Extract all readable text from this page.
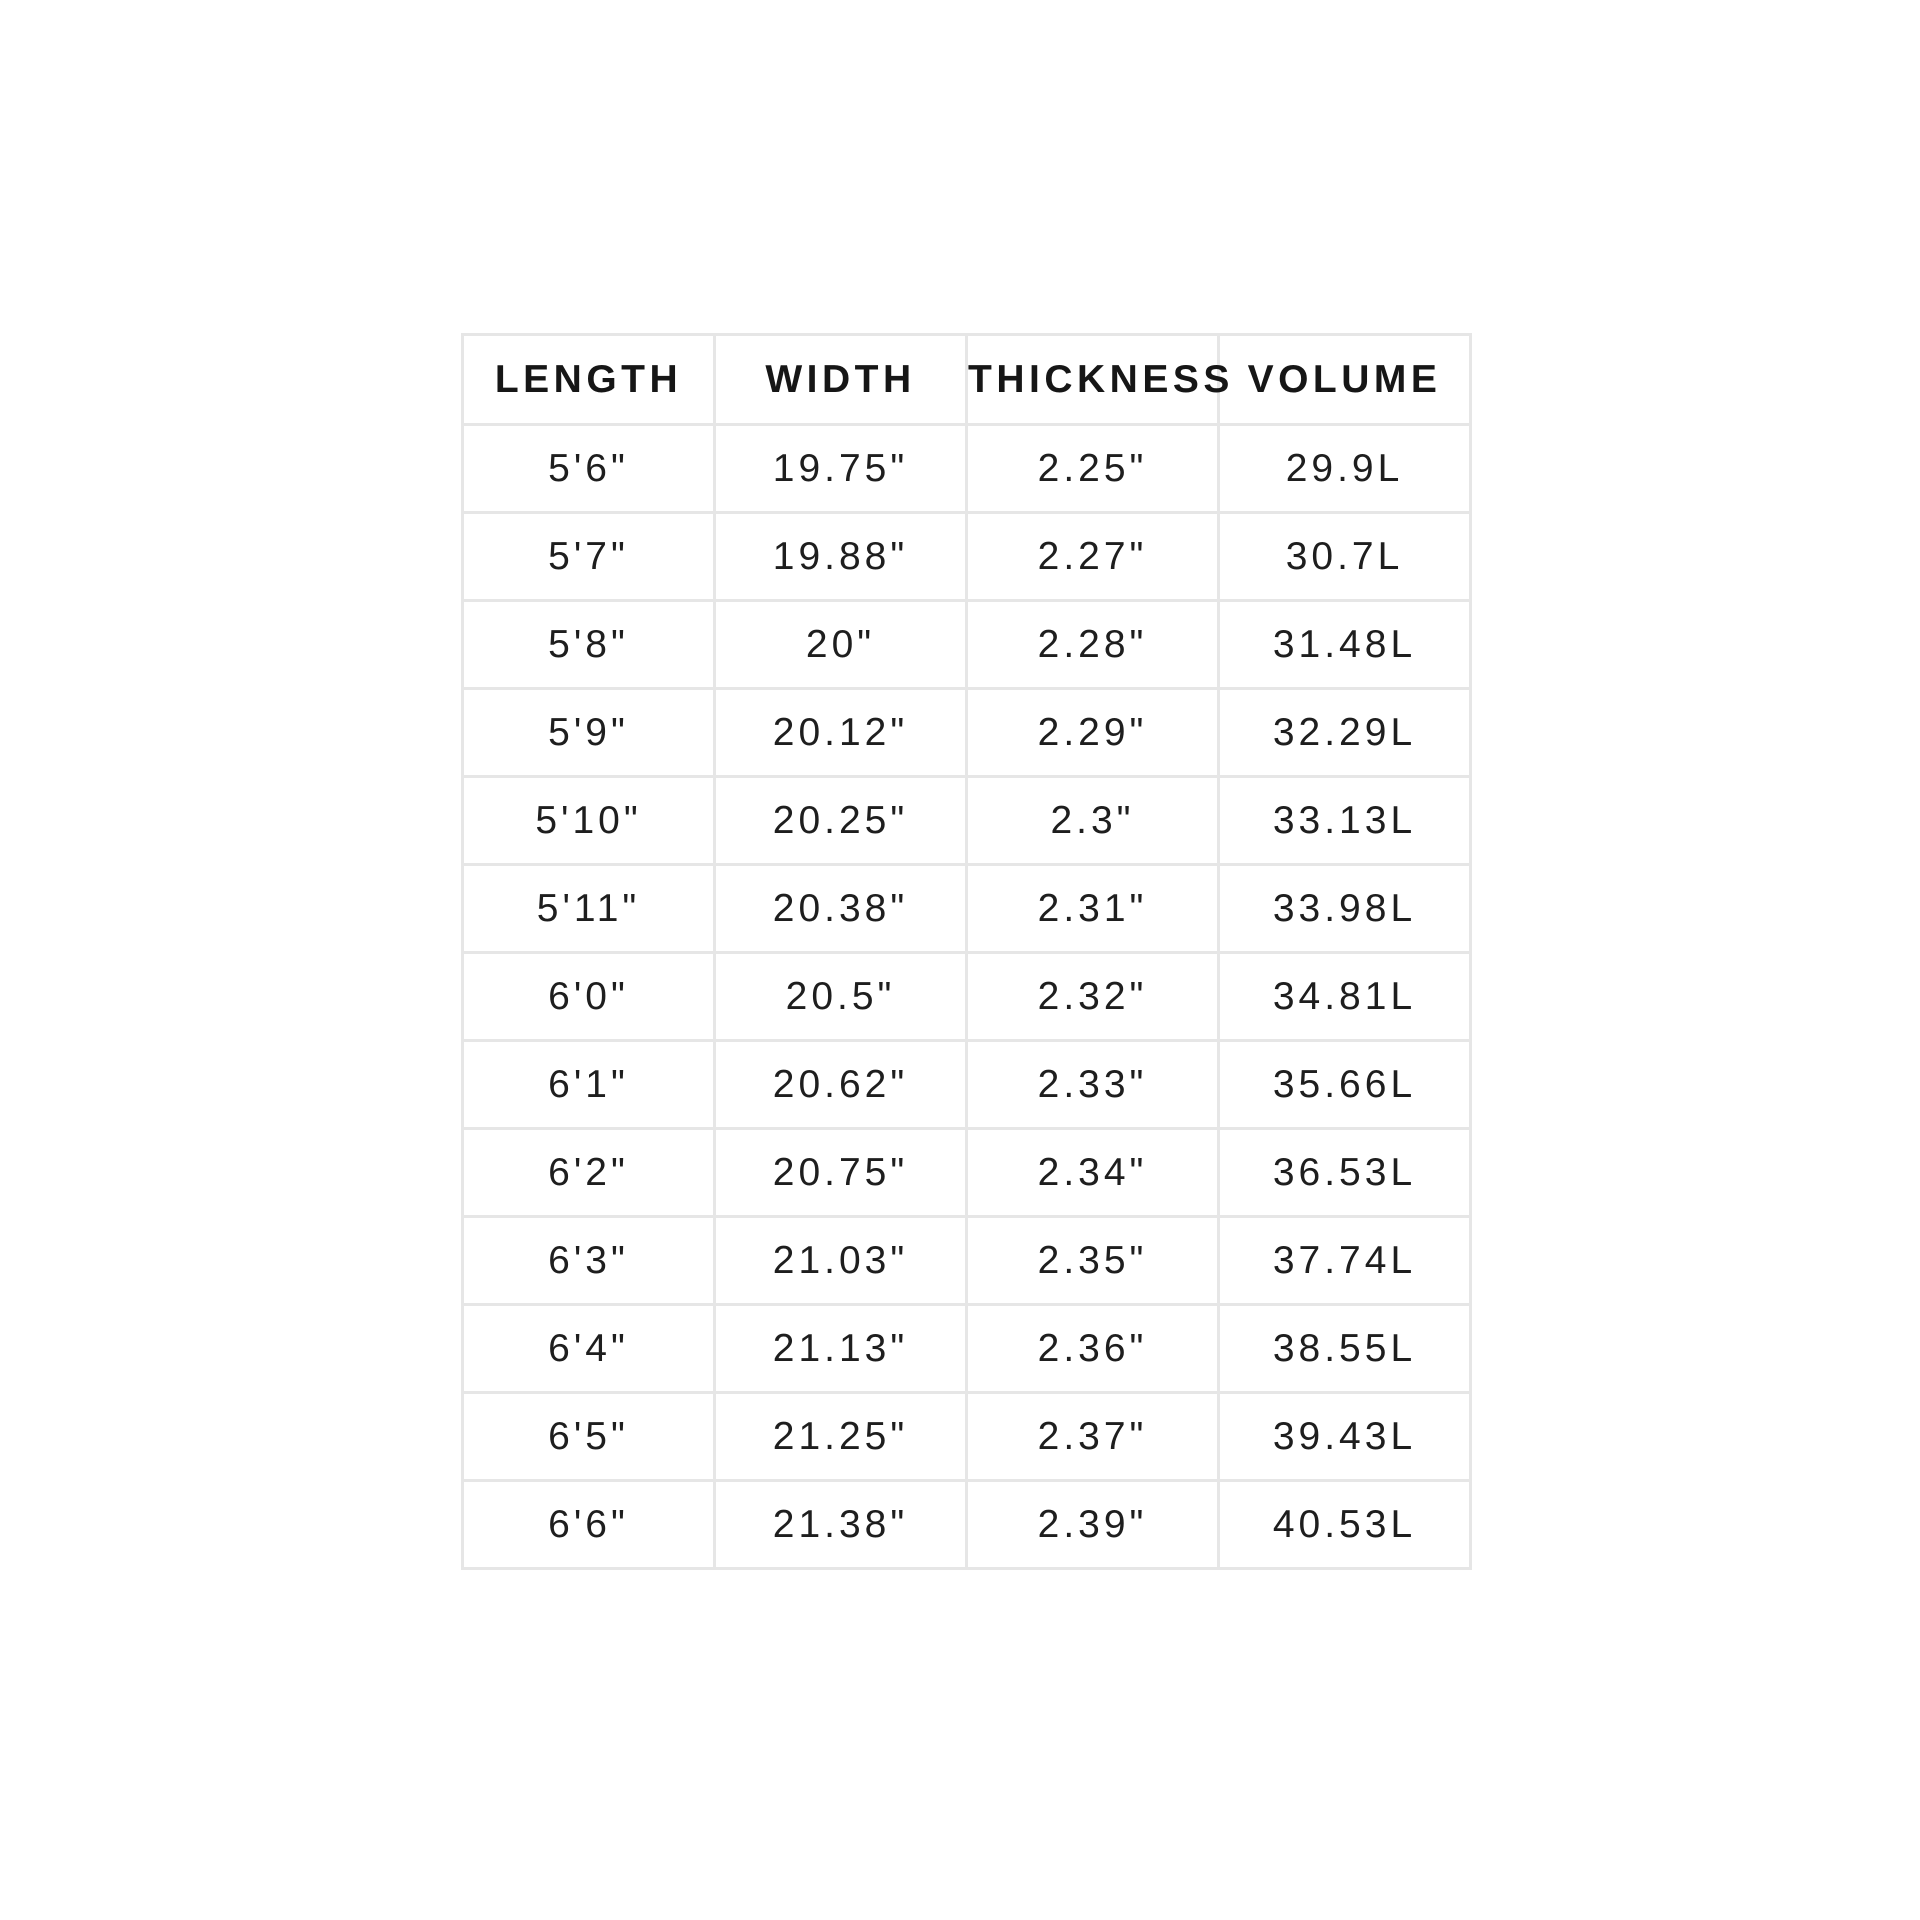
LENGTH	WIDTH	THICKNESS	VOLUME
5'6"	19.75"	2.25"	29.9L
5'7"	19.88"	2.27"	30.7L
5'8"	20"	2.28"	31.48L
5'9"	20.12"	2.29"	32.29L
5'10"	20.25"	2.3"	33.13L
5'11"	20.38"	2.31"	33.98L
6'0"	20.5"	2.32"	34.81L
6'1"	20.62"	2.33"	35.66L
6'2"	20.75"	2.34"	36.53L
6'3"	21.03"	2.35"	37.74L
6'4"	21.13"	2.36"	38.55L
6'5"	21.25"	2.37"	39.43L
6'6"	21.38"	2.39"	40.53L
